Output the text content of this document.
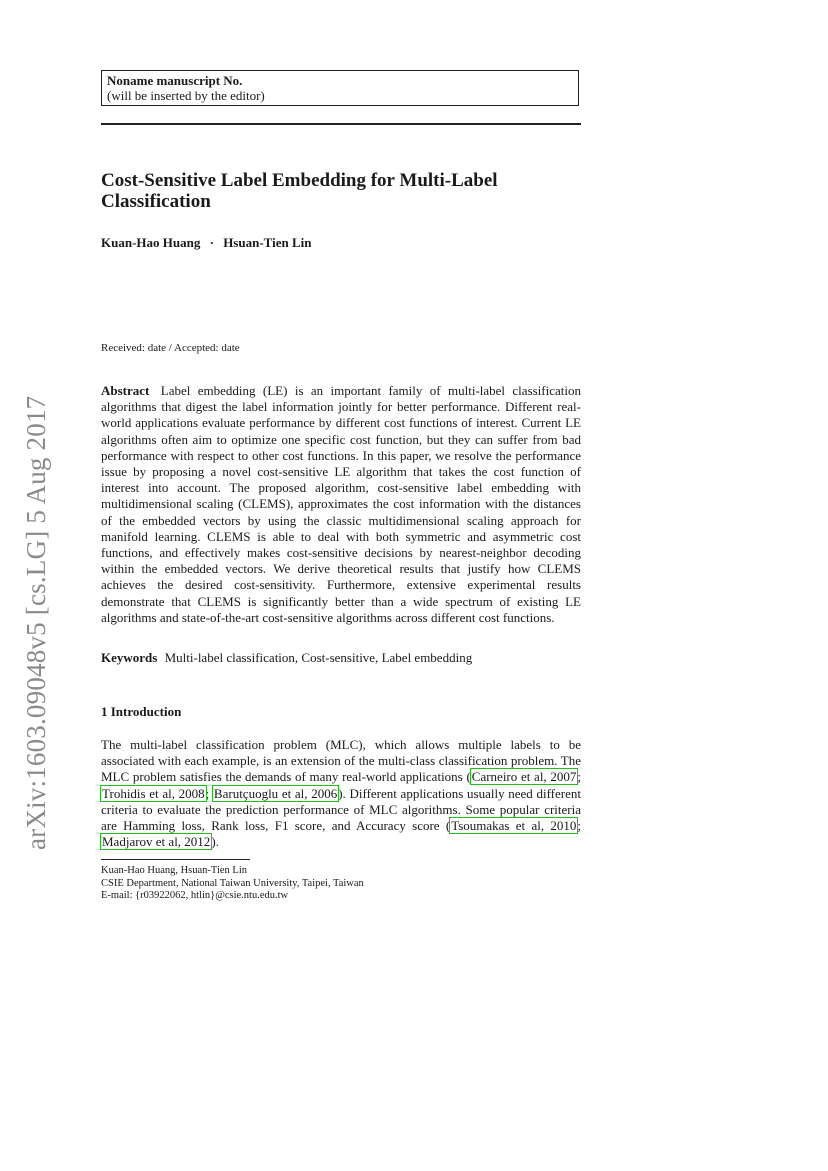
arXiv:1603.09048v5 [cs.LG] 5 Aug 2017
Noname manuscript No.
(will be inserted by the editor)
Cost-Sensitive Label Embedding for Multi-Label Classification
Kuan-Hao Huang · Hsuan-Tien Lin
Received: date / Accepted: date
Abstract Label embedding (LE) is an important family of multi-label classification algorithms that digest the label information jointly for better performance. Different real-world applications evaluate performance by different cost functions of interest. Current LE algorithms often aim to optimize one specific cost function, but they can suffer from bad performance with respect to other cost functions. In this paper, we resolve the performance issue by proposing a novel cost-sensitive LE algorithm that takes the cost function of interest into account. The proposed algorithm, cost-sensitive label embedding with multidimensional scaling (CLEMS), approximates the cost information with the distances of the embedded vectors by using the classic multidimensional scaling approach for manifold learning. CLEMS is able to deal with both symmetric and asymmetric cost functions, and effectively makes cost-sensitive decisions by nearest-neighbor decoding within the embedded vectors. We derive theoretical results that justify how CLEMS achieves the desired cost-sensitivity. Furthermore, extensive experimental results demonstrate that CLEMS is significantly better than a wide spectrum of existing LE algorithms and state-of-the-art cost-sensitive algorithms across different cost functions.
Keywords Multi-label classification, Cost-sensitive, Label embedding
1 Introduction
The multi-label classification problem (MLC), which allows multiple labels to be associated with each example, is an extension of the multi-class classification problem. The MLC problem satisfies the demands of many real-world applications (Carneiro et al, 2007; Trohidis et al, 2008; Barutçuoglu et al, 2006). Different applications usually need different criteria to evaluate the prediction performance of MLC algorithms. Some popular criteria are Hamming loss, Rank loss, F1 score, and Accuracy score (Tsoumakas et al, 2010; Madjarov et al, 2012).
Kuan-Hao Huang, Hsuan-Tien Lin
CSIE Department, National Taiwan University, Taipei, Taiwan
E-mail: {r03922062, htlin}@csie.ntu.edu.tw
